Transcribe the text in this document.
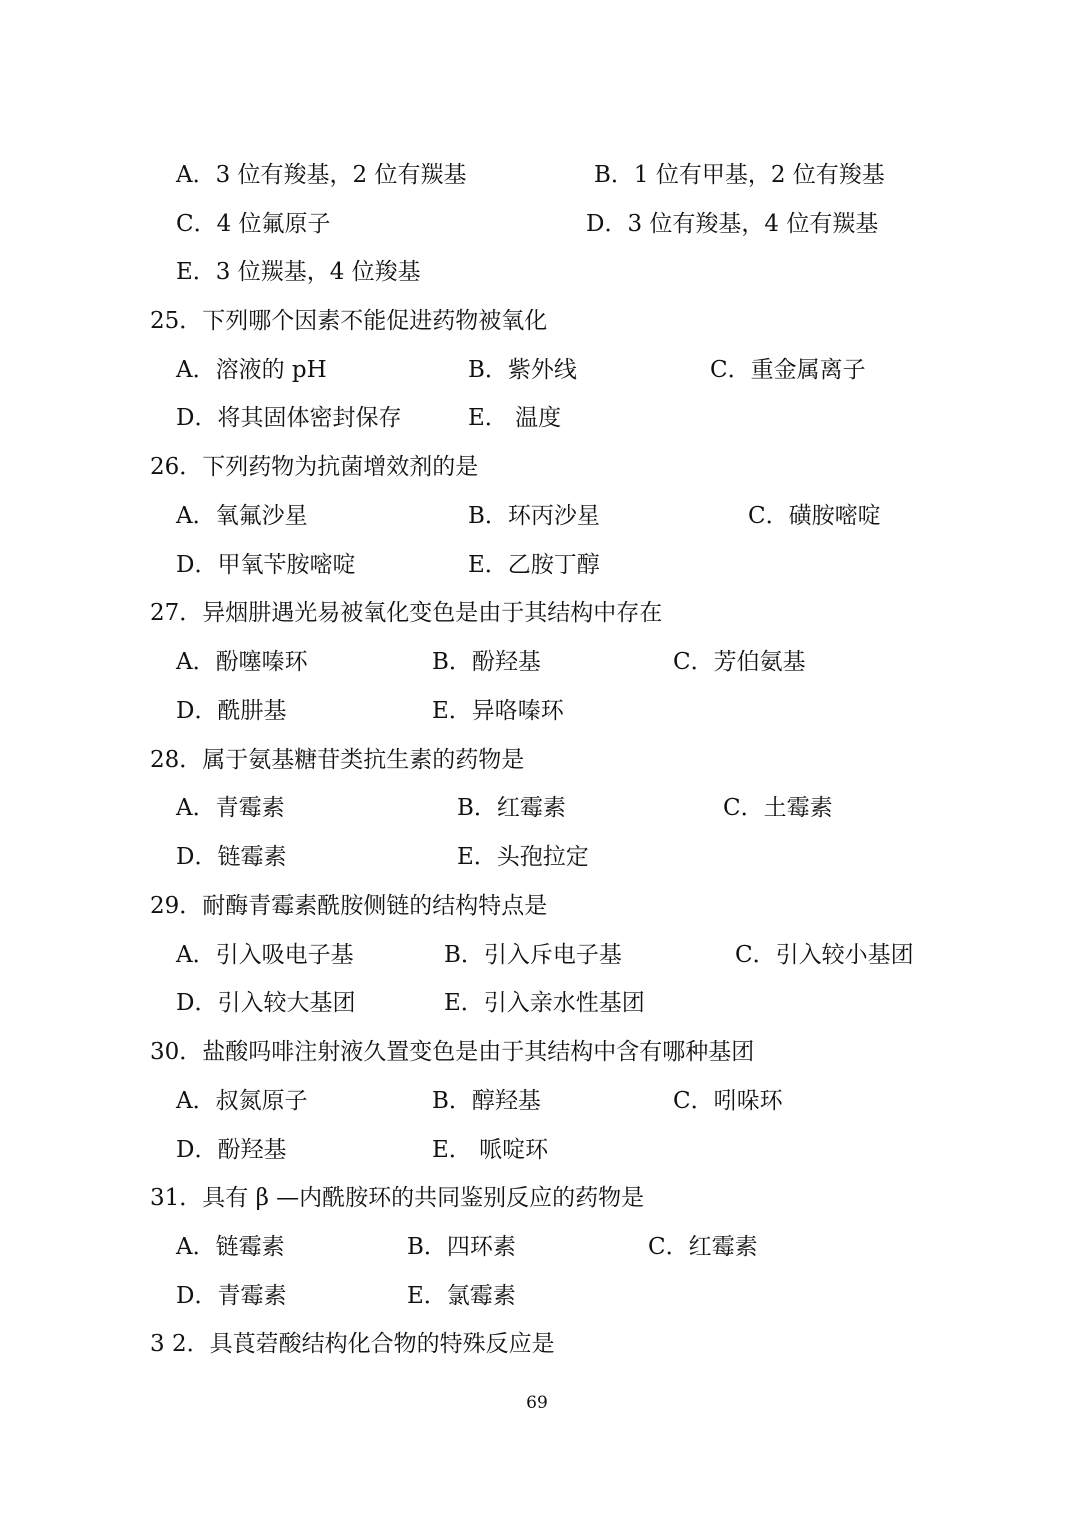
A．3 位有羧基，2 位有羰基	B．1 位有甲基，2 位有羧基
C．4 位氟原子	D．3 位有羧基，4 位有羰基
E．3 位羰基，4 位羧基
25．下列哪个因素不能促进药物被氧化
A．溶液的 pH	B．紫外线	C．重金属离子
D．将其固体密封保存	E． 温度
26．下列药物为抗菌增效剂的是
A．氧氟沙星	B．环丙沙星	C．磺胺嘧啶
D．甲氧苄胺嘧啶	E．乙胺丁醇
27．异烟肼遇光易被氧化变色是由于其结构中存在
A．酚噻嗪环	B．酚羟基	C．芳伯氨基
D．酰肼基	E．异咯嗪环
28．属于氨基糖苷类抗生素的药物是
A．青霉素	B．红霉素	C．土霉素
D．链霉素	E．头孢拉定
29．耐酶青霉素酰胺侧链的结构特点是
A．引入吸电子基	B．引入斥电子基	C．引入较小基团
D．引入较大基团	E．引入亲水性基团
30．盐酸吗啡注射液久置变色是由于其结构中含有哪种基团
A．叔氮原子	B．醇羟基	C．吲哚环
D．酚羟基	E． 哌啶环
31．具有 β —内酰胺环的共同鉴别反应的药物是
A．链霉素	B．四环素	C．红霉素
D．青霉素	E．氯霉素
3 2．具莨菪酸结构化合物的特殊反应是
69
